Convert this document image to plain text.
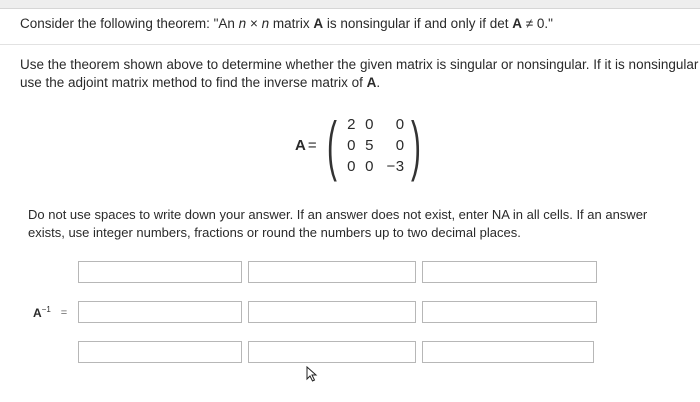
Consider the following theorem: "An n × n matrix A is nonsingular if and only if det A ≠ 0."
Use the theorem shown above to determine whether the given matrix is singular or nonsingular. If it is nonsingular
use the adjoint matrix method to find the inverse matrix of A.
A = ( 2 0	0
0 5	0
0 0 −3 )
Do not use spaces to write down your answer. If an answer does not exist, enter NA in all cells. If an answer
exists, use integer numbers, fractions or round the numbers up to two decimal places.
$A^{-1}$ =
